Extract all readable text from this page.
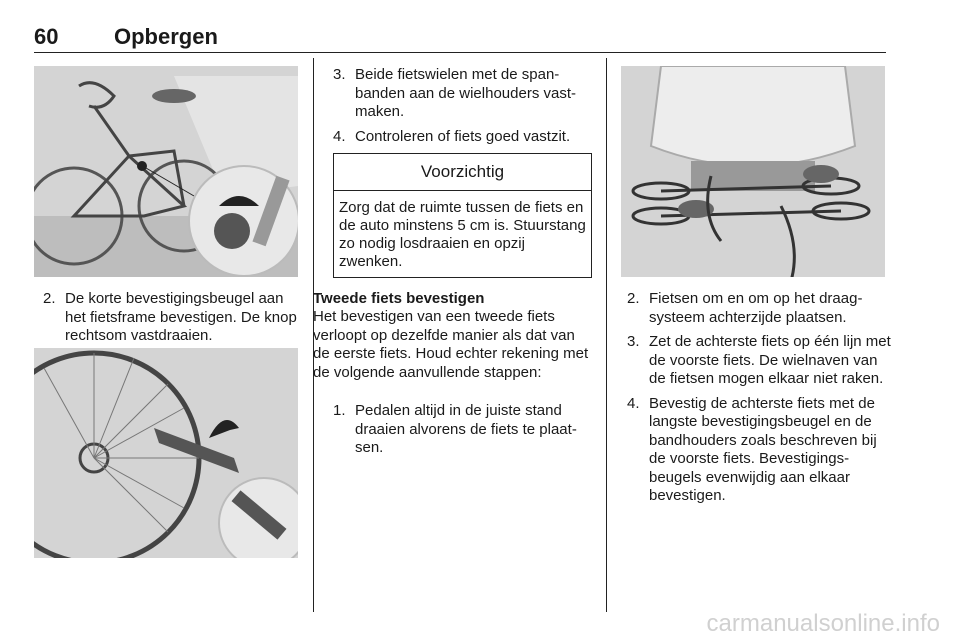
60	Opbergen
2. De korte bevestigingsbeugel aan het fietsframe bevestigen. De knop rechtsom vastdraaien.
3. Beide fietswielen met de spanbanden aan de wielhouders vastmaken.
4. Controleren of fiets goed vastzit.
Voorzichtig
Zorg dat de ruimte tussen de fiets en de auto minstens 5 cm is. Stuurstang zo nodig losdraaien en opzij zwenken.
Tweede fiets bevestigen
Het bevestigen van een tweede fiets verloopt op dezelfde manier als dat van de eerste fiets. Houd echter rekening met de volgende aanvullende stappen:
1. Pedalen altijd in de juiste stand draaien alvorens de fiets te plaatsen.
2. Fietsen om en om op het draagsysteem achterzijde plaatsen.
3. Zet de achterste fiets op één lijn met de voorste fiets. De wielnaven van de fietsen mogen elkaar niet raken.
4. Bevestig de achterste fiets met de langste bevestigingsbeugel en de bandhouders zoals beschreven bij de voorste fiets. Bevestigingsbeugels evenwijdig aan elkaar bevestigen.
carmanualsonline.info
